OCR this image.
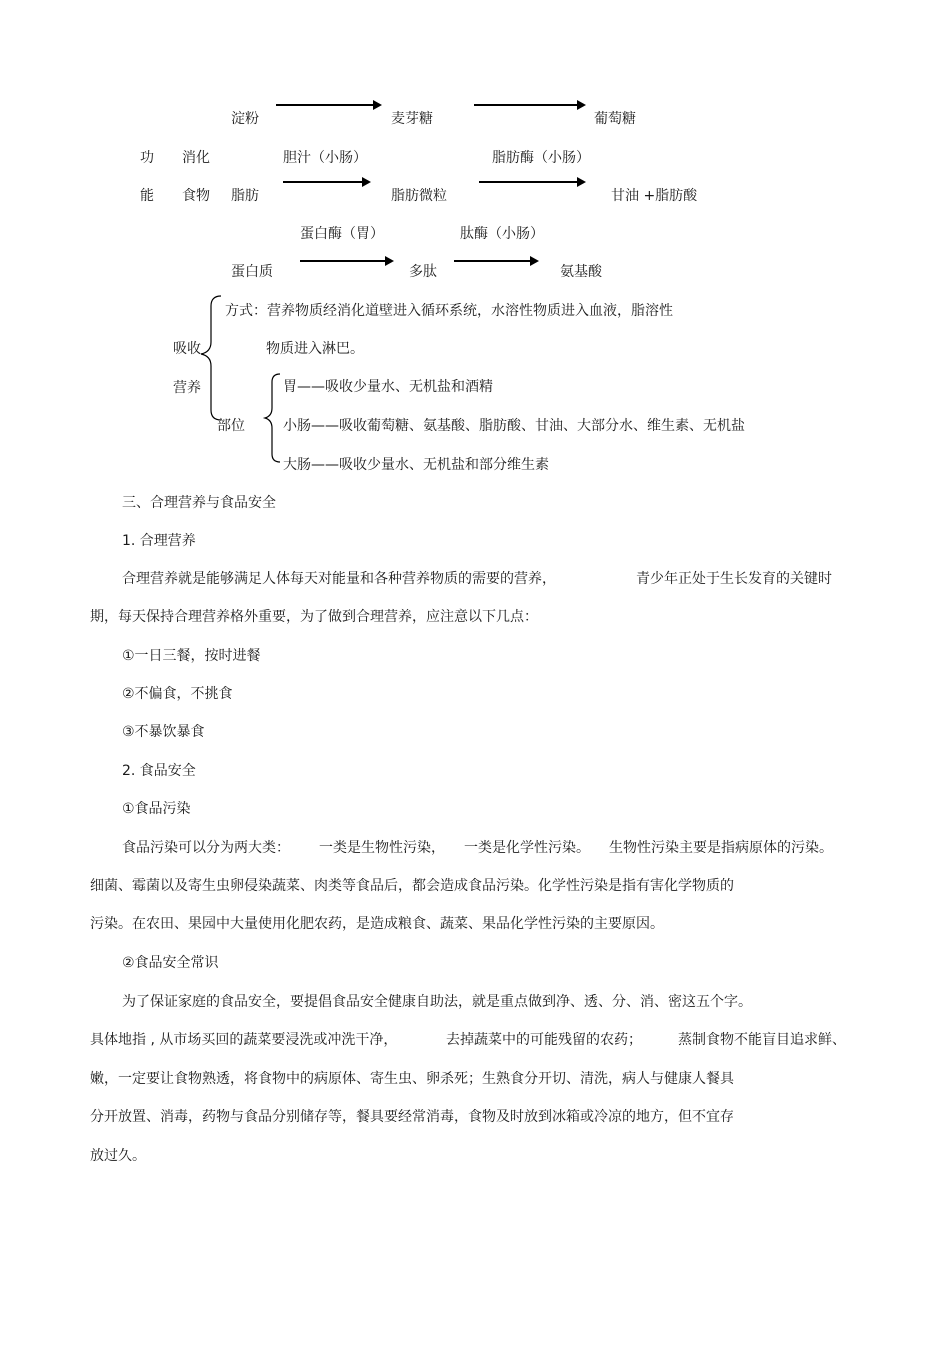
淀粉	麦芽糖	葡萄糖
功
能
消化
食物
胆汁（小肠）	脂肪酶（小肠）
脂肪	脂肪微粒	甘油 +脂肪酸
蛋白酶（胃）	肽酶（小肠）
蛋白质	多肽	氨基酸
吸收
营养
方式：营养物质经消化道壁进入循环系统，水溶性物质进入血液，脂溶性
物质进入淋巴。
部位
胃——吸收少量水、无机盐和酒精
小肠——吸收葡萄糖、氨基酸、脂肪酸、甘油、大部分水、维生素、无机盐
大肠——吸收少量水、无机盐和部分维生素
三、合理营养与食品安全
1. 合理营养
合理营养就是能够满足人体每天对能量和各种营养物质的需要的营养，	青少年正处于生长发育的关键时
期，每天保持合理营养格外重要，为了做到合理营养，应注意以下几点：
①一日三餐，按时进餐
②不偏食，不挑食
③不暴饮暴食
2. 食品安全
①食品污染
食品污染可以分为两大类： 一类是生物性污染， 一类是化学性污染。 生物性污染主要是指病原体的污染。
细菌、霉菌以及寄生虫卵侵染蔬菜、肉类等食品后，都会造成食品污染。化学性污染是指有害化学物质的
污染。在农田、果园中大量使用化肥农药，是造成粮食、蔬菜、果品化学性污染的主要原因。
②食品安全常识
为了保证家庭的食品安全，要提倡食品安全健康自助法，就是重点做到净、透、分、消、密这五个字。
具体地指 , 从市场买回的蔬菜要浸洗或冲洗干净，	去掉蔬菜中的可能残留的农药；	蒸制食物不能盲目追求鲜、
嫩，一定要让食物熟透，将食物中的病原体、寄生虫、卵杀死；生熟食分开切、清洗，病人与健康人餐具
分开放置、消毒，药物与食品分别储存等，餐具要经常消毒，食物及时放到冰箱或冷凉的地方，但不宜存
放过久。
